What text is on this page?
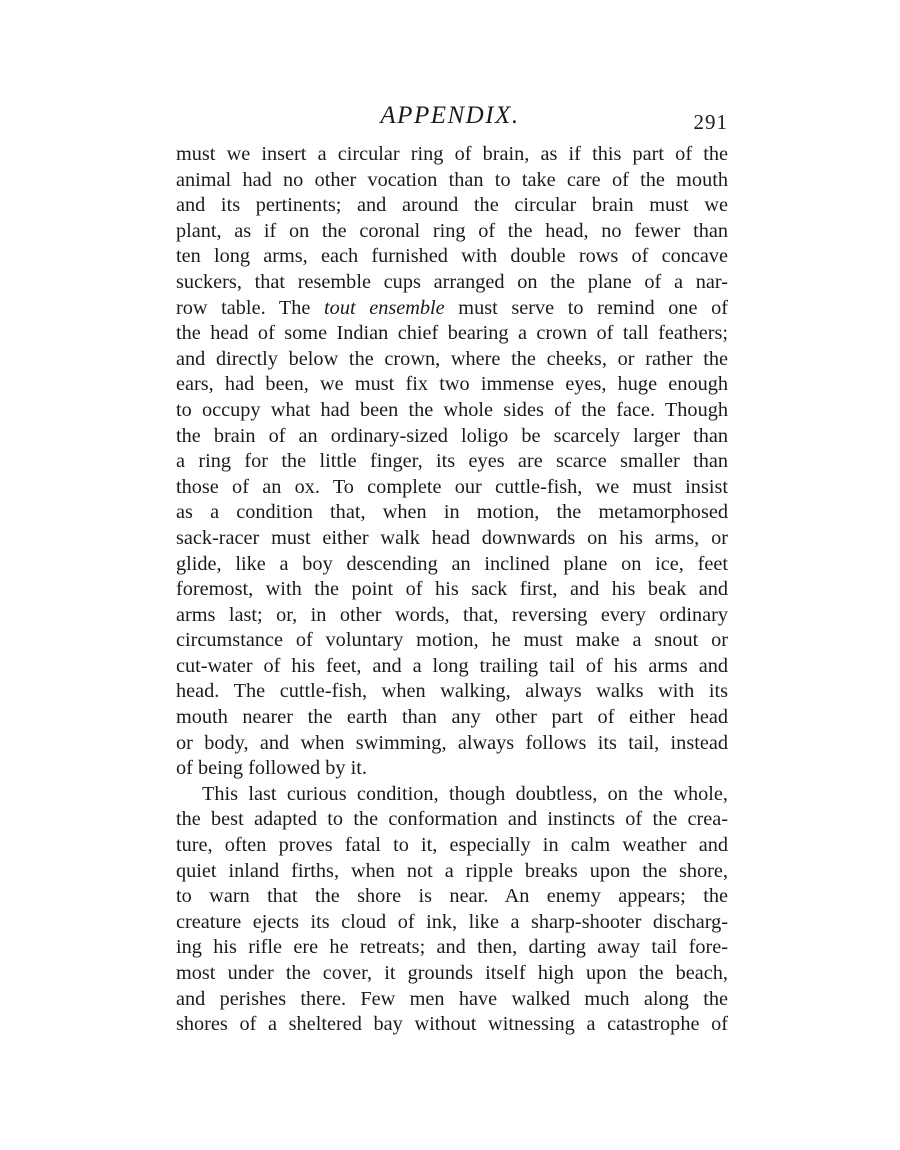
APPENDIX.	291
must we insert a circular ring of brain, as if this part of the
animal had no other vocation than to take care of the mouth
and its pertinents; and around the circular brain must we
plant, as if on the coronal ring of the head, no fewer than
ten long arms, each furnished with double rows of concave
suckers, that resemble cups arranged on the plane of a nar-
row table. The tout ensemble must serve to remind one of
the head of some Indian chief bearing a crown of tall feathers;
and directly below the crown, where the cheeks, or rather the
ears, had been, we must fix two immense eyes, huge enough
to occupy what had been the whole sides of the face. Though
the brain of an ordinary-sized loligo be scarcely larger than
a ring for the little finger, its eyes are scarce smaller than
those of an ox. To complete our cuttle-fish, we must insist
as a condition that, when in motion, the metamorphosed
sack-racer must either walk head downwards on his arms, or
glide, like a boy descending an inclined plane on ice, feet
foremost, with the point of his sack first, and his beak and
arms last; or, in other words, that, reversing every ordinary
circumstance of voluntary motion, he must make a snout or
cut-water of his feet, and a long trailing tail of his arms and
head. The cuttle-fish, when walking, always walks with its
mouth nearer the earth than any other part of either head
or body, and when swimming, always follows its tail, instead
of being followed by it.
This last curious condition, though doubtless, on the whole,
the best adapted to the conformation and instincts of the crea-
ture, often proves fatal to it, especially in calm weather and
quiet inland firths, when not a ripple breaks upon the shore,
to warn that the shore is near. An enemy appears; the
creature ejects its cloud of ink, like a sharp-shooter discharg-
ing his rifle ere he retreats; and then, darting away tail fore-
most under the cover, it grounds itself high upon the beach,
and perishes there. Few men have walked much along the
shores of a sheltered bay without witnessing a catastrophe of
